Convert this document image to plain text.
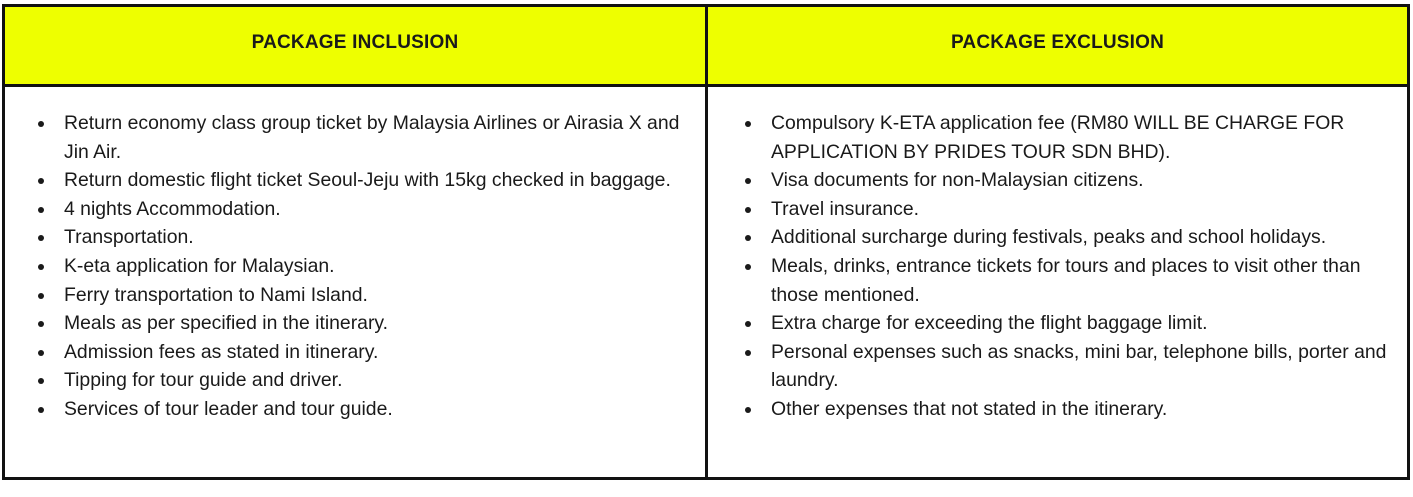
PACKAGE INCLUSION	PACKAGE EXCLUSION
Return economy class group ticket by Malaysia Airlines or Airasia X and Jin Air.
Return domestic flight ticket Seoul-Jeju with 15kg checked in baggage.
4 nights Accommodation.
Transportation.
K-eta application for Malaysian.
Ferry transportation to Nami Island.
Meals as per specified in the itinerary.
Admission fees as stated in itinerary.
Tipping for tour guide and driver.
Services of tour leader and tour guide.
Compulsory K-ETA application fee (RM80 WILL BE CHARGE FOR APPLICATION BY PRIDES TOUR SDN BHD).
Visa documents for non-Malaysian citizens.
Travel insurance.
Additional surcharge during festivals, peaks and school holidays.
Meals, drinks, entrance tickets for tours and places to visit other than those mentioned.
Extra charge for exceeding the flight baggage limit.
Personal expenses such as snacks, mini bar, telephone bills, porter and laundry.
Other expenses that not stated in the itinerary.
